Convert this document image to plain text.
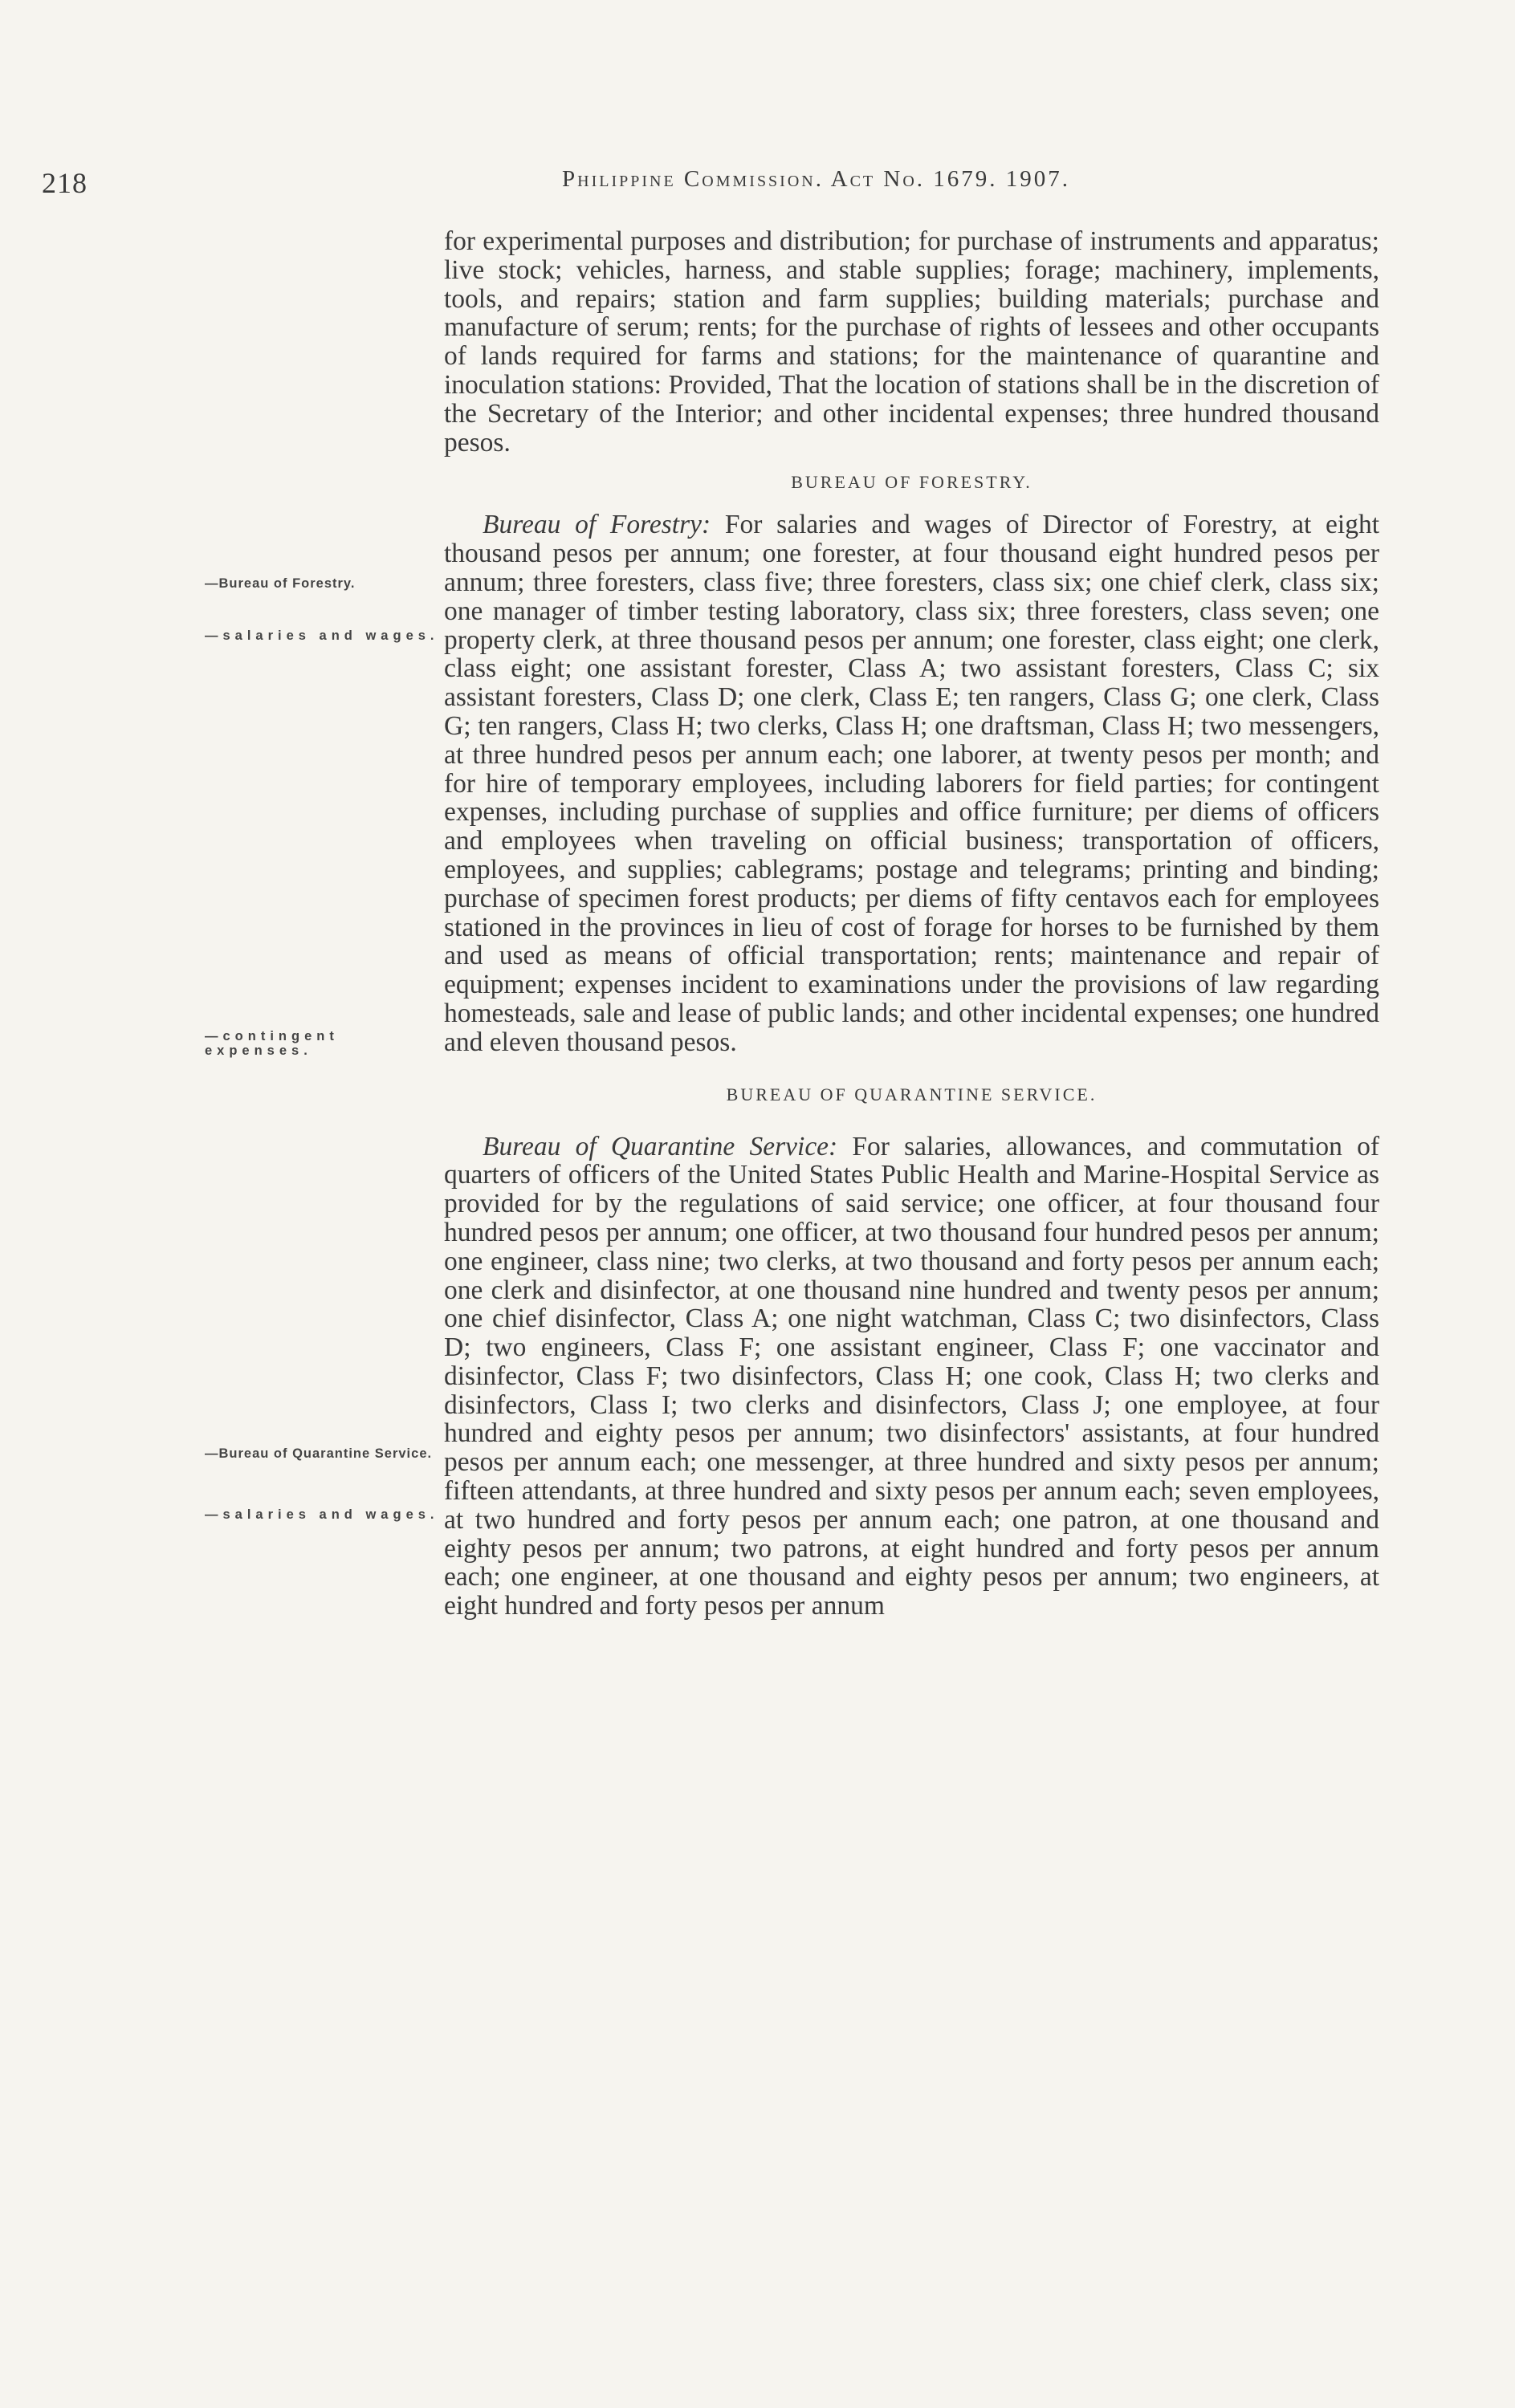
218	Philippine Commission. Act No. 1679. 1907.
—Bureau of Forestry.
—salaries and wages.
—contingent expenses.
—Bureau of Quarantine Service.
—salaries and wages.

for experimental purposes and distribution; for purchase of instruments and apparatus; live stock; vehicles, harness, and stable supplies; forage; machinery, implements, tools, and repairs; station and farm supplies; building materials; purchase and manufacture of serum; rents; for the purchase of rights of lessees and other occupants of lands required for farms and stations; for the maintenance of quarantine and inoculation stations: Provided, That the location of stations shall be in the discretion of the Secretary of the Interior; and other incidental expenses; three hundred thousand pesos.

BUREAU OF FORESTRY.

Bureau of Forestry: For salaries and wages of Director of Forestry, at eight thousand pesos per annum; one forester, at four thousand eight hundred pesos per annum; three foresters, class five; three foresters, class six; one chief clerk, class six; one manager of timber testing laboratory, class six; three foresters, class seven; one property clerk, at three thousand pesos per annum; one forester, class eight; one clerk, class eight; one assistant forester, Class A; two assistant foresters, Class C; six assistant foresters, Class D; one clerk, Class E; ten rangers, Class G; one clerk, Class G; ten rangers, Class H; two clerks, Class H; one draftsman, Class H; two messengers, at three hundred pesos per annum each; one laborer, at twenty pesos per month; and for hire of temporary employees, including laborers for field parties; for contingent expenses, including purchase of supplies and office furniture; per diems of officers and employees when traveling on official business; transportation of officers, employees, and supplies; cablegrams; postage and telegrams; printing and binding; purchase of specimen forest products; per diems of fifty centavos each for employees stationed in the provinces in lieu of cost of forage for horses to be furnished by them and used as means of official transportation; rents; maintenance and repair of equipment; expenses incident to examinations under the provisions of law regarding homesteads, sale and lease of public lands; and other incidental expenses; one hundred and eleven thousand pesos.

BUREAU OF QUARANTINE SERVICE.

Bureau of Quarantine Service: For salaries, allowances, and commutation of quarters of officers of the United States Public Health and Marine-Hospital Service as provided for by the regulations of said service; one officer, at four thousand four hundred pesos per annum; one officer, at two thousand four hundred pesos per annum; one engineer, class nine; two clerks, at two thousand and forty pesos per annum each; one clerk and disinfector, at one thousand nine hundred and twenty pesos per annum; one chief disinfector, Class A; one night watchman, Class C; two disinfectors, Class D; two engineers, Class F; one assistant engineer, Class F; one vaccinator and disinfector, Class F; two disinfectors, Class H; one cook, Class H; two clerks and disinfectors, Class I; two clerks and disinfectors, Class J; one employee, at four hundred and eighty pesos per annum; two disinfectors' assistants, at four hundred pesos per annum each; one messenger, at three hundred and sixty pesos per annum; fifteen attendants, at three hundred and sixty pesos per annum each; seven employees, at two hundred and forty pesos per annum each; one patron, at one thousand and eighty pesos per annum; two patrons, at eight hundred and forty pesos per annum each; one engineer, at one thousand and eighty pesos per annum; two engineers, at eight hundred and forty pesos per annum
